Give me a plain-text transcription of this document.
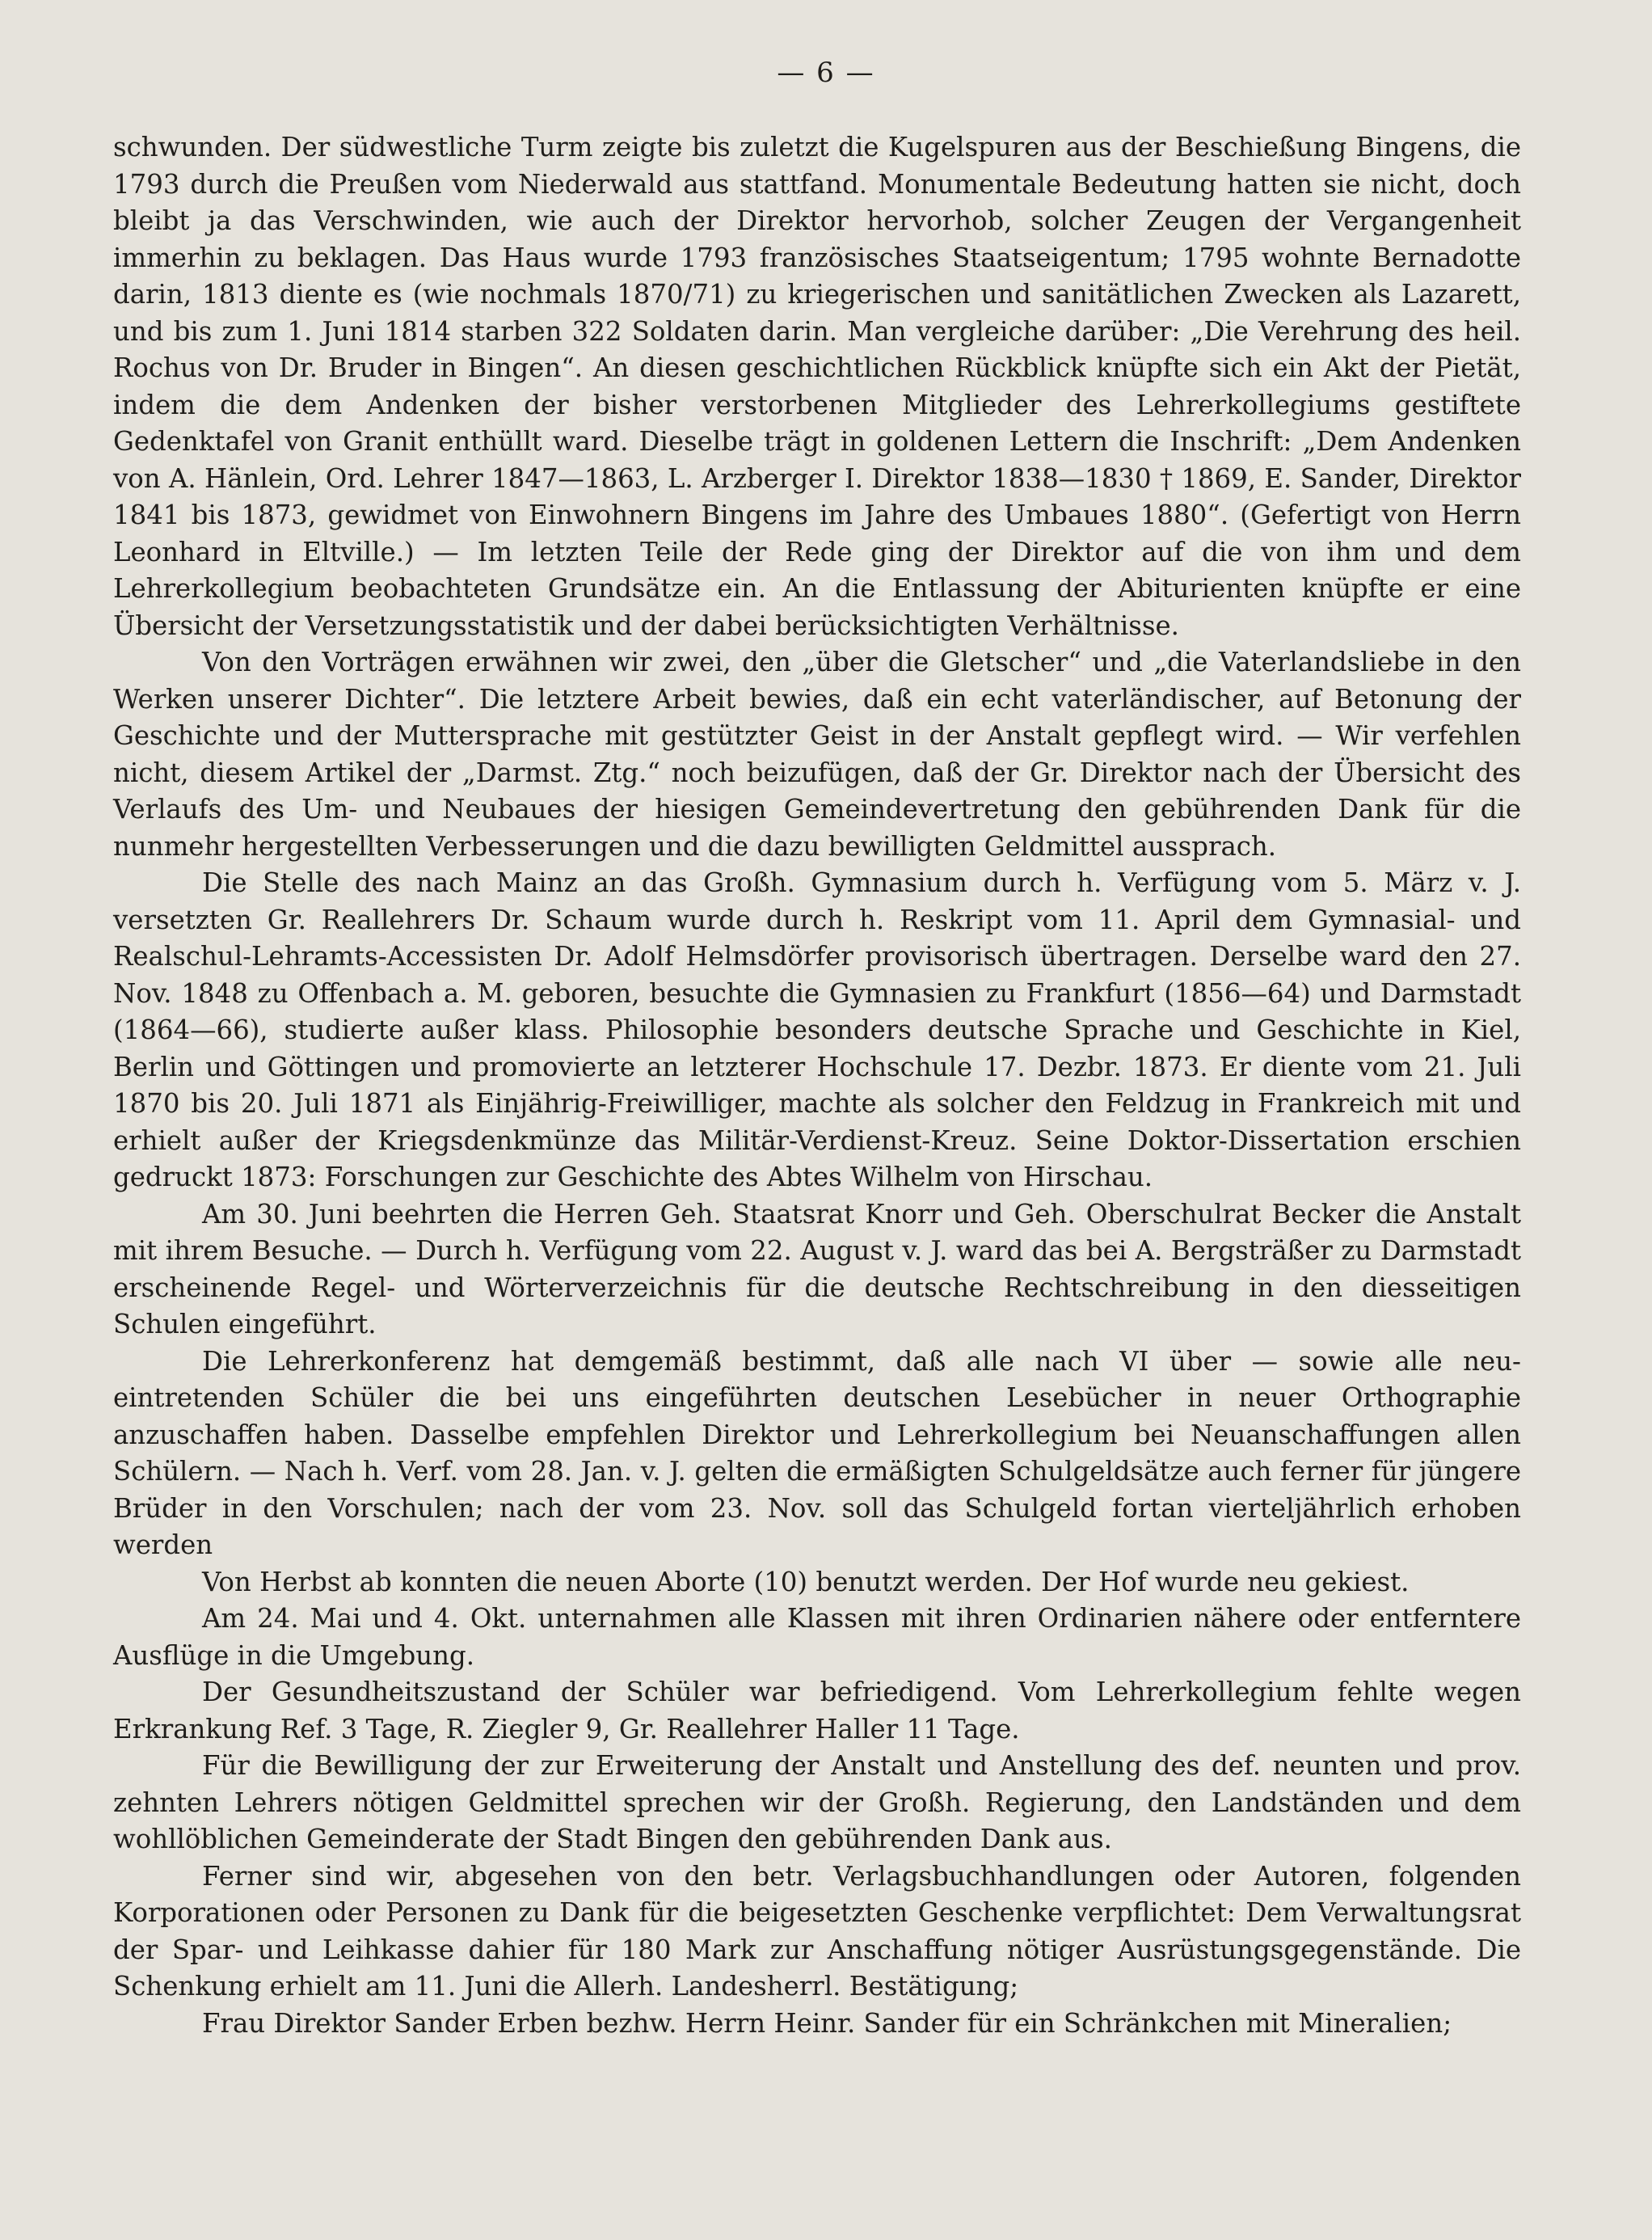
— 6 —

schwunden. Der südwestliche Turm zeigte bis zuletzt die Kugelspuren aus der Beschießung Bingens, die 1793 durch die Preußen vom Niederwald aus stattfand. Monumentale Bedeutung hatten sie nicht, doch bleibt ja das Verschwinden, wie auch der Direktor hervorhob, solcher Zeugen der Vergangenheit immerhin zu beklagen. Das Haus wurde 1793 französisches Staatseigentum; 1795 wohnte Bernadotte darin, 1813 diente es (wie nochmals 1870/71) zu kriegerischen und sanitätlichen Zwecken als Lazarett, und bis zum 1. Juni 1814 starben 322 Soldaten darin. Man vergleiche darüber: „Die Verehrung des heil. Rochus von Dr. Bruder in Bingen“. An diesen geschichtlichen Rückblick knüpfte sich ein Akt der Pietät, indem die dem Andenken der bisher verstorbenen Mitglieder des Lehrerkollegiums gestiftete Gedenktafel von Granit enthüllt ward. Dieselbe trägt in goldenen Lettern die Inschrift: „Dem Andenken von A. Hänlein, Ord. Lehrer 1847—1863, L. Arzberger I. Direktor 1838—1830 † 1869, E. Sander, Direktor 1841 bis 1873, gewidmet von Einwohnern Bingens im Jahre des Umbaues 1880“. (Gefertigt von Herrn Leonhard in Eltville.) — Im letzten Teile der Rede ging der Direktor auf die von ihm und dem Lehrerkollegium beobachteten Grundsätze ein. An die Entlassung der Abiturienten knüpfte er eine Übersicht der Versetzungsstatistik und der dabei berücksichtigten Verhältnisse.

Von den Vorträgen erwähnen wir zwei, den „über die Gletscher“ und „die Vaterlandsliebe in den Werken unserer Dichter“. Die letztere Arbeit bewies, daß ein echt vaterländischer, auf Betonung der Geschichte und der Muttersprache mit gestützter Geist in der Anstalt gepflegt wird. — Wir verfehlen nicht, diesem Artikel der „Darmst. Ztg.“ noch beizufügen, daß der Gr. Direktor nach der Übersicht des Verlaufs des Um- und Neubaues der hiesigen Gemeindevertretung den gebührenden Dank für die nunmehr hergestellten Verbesserungen und die dazu bewilligten Geldmittel aussprach.

Die Stelle des nach Mainz an das Großh. Gymnasium durch h. Verfügung vom 5. März v. J. versetzten Gr. Reallehrers Dr. Schaum wurde durch h. Reskript vom 11. April dem Gymnasial- und Realschul-Lehramts-Accessisten Dr. Adolf Helmsdörfer provisorisch übertragen. Derselbe ward den 27. Nov. 1848 zu Offenbach a. M. geboren, besuchte die Gymnasien zu Frankfurt (1856—64) und Darmstadt (1864—66), studierte außer klass. Philosophie besonders deutsche Sprache und Geschichte in Kiel, Berlin und Göttingen und promovierte an letzterer Hochschule 17. Dezbr. 1873. Er diente vom 21. Juli 1870 bis 20. Juli 1871 als Einjährig-Freiwilliger, machte als solcher den Feldzug in Frankreich mit und erhielt außer der Kriegsdenkmünze das Militär-Verdienst-Kreuz. Seine Doktor-Dissertation erschien gedruckt 1873: Forschungen zur Geschichte des Abtes Wilhelm von Hirschau.

Am 30. Juni beehrten die Herren Geh. Staatsrat Knorr und Geh. Oberschulrat Becker die Anstalt mit ihrem Besuche. — Durch h. Verfügung vom 22. August v. J. ward das bei A. Bergsträßer zu Darmstadt erscheinende Regel- und Wörterverzeichnis für die deutsche Rechtschreibung in den diesseitigen Schulen eingeführt.

Die Lehrerkonferenz hat demgemäß bestimmt, daß alle nach VI über — sowie alle neu-eintretenden Schüler die bei uns eingeführten deutschen Lesebücher in neuer Orthographie anzuschaffen haben. Dasselbe empfehlen Direktor und Lehrerkollegium bei Neuanschaffungen allen Schülern. — Nach h. Verf. vom 28. Jan. v. J. gelten die ermäßigten Schulgeldsätze auch ferner für jüngere Brüder in den Vorschulen; nach der vom 23. Nov. soll das Schulgeld fortan vierteljährlich erhoben werden

Von Herbst ab konnten die neuen Aborte (10) benutzt werden. Der Hof wurde neu gekiest.

Am 24. Mai und 4. Okt. unternahmen alle Klassen mit ihren Ordinarien nähere oder entferntere Ausflüge in die Umgebung.

Der Gesundheitszustand der Schüler war befriedigend. Vom Lehrerkollegium fehlte wegen Erkrankung Ref. 3 Tage, R. Ziegler 9, Gr. Reallehrer Haller 11 Tage.

Für die Bewilligung der zur Erweiterung der Anstalt und Anstellung des def. neunten und prov. zehnten Lehrers nötigen Geldmittel sprechen wir der Großh. Regierung, den Landständen und dem wohllöblichen Gemeinderate der Stadt Bingen den gebührenden Dank aus.

Ferner sind wir, abgesehen von den betr. Verlagsbuchhandlungen oder Autoren, folgenden Korporationen oder Personen zu Dank für die beigesetzten Geschenke verpflichtet: Dem Verwaltungsrat der Spar- und Leihkasse dahier für 180 Mark zur Anschaffung nötiger Ausrüstungsgegenstände. Die Schenkung erhielt am 11. Juni die Allerh. Landesherrl. Bestätigung;

Frau Direktor Sander Erben bezhw. Herrn Heinr. Sander für ein Schränkchen mit Mineralien;
